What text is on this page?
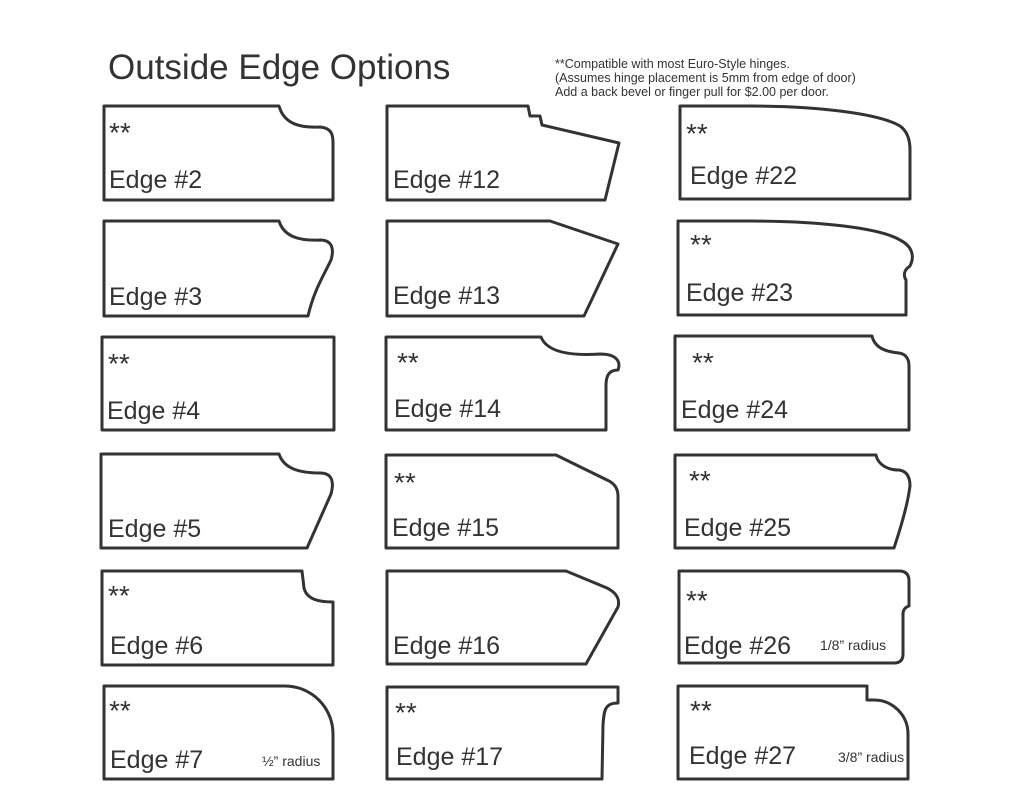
Outside Edge Options	**Compatible with most Euro-Style hinges.
(Assumes hinge placement is 5mm from edge of door)
Add a back bevel or finger pull for $2.00 per door.
**
Edge #2
Edge #3
**
Edge #4
Edge #5
**
Edge #6
**
Edge #7	½” radius
Edge #12
Edge #13
**
Edge #14
**
Edge #15
Edge #16
**
Edge #17
**
Edge #22
**
Edge #23
**
Edge #24
**
Edge #25
**
Edge #26 1/8” radius
**
Edge #27	3/8” radius
